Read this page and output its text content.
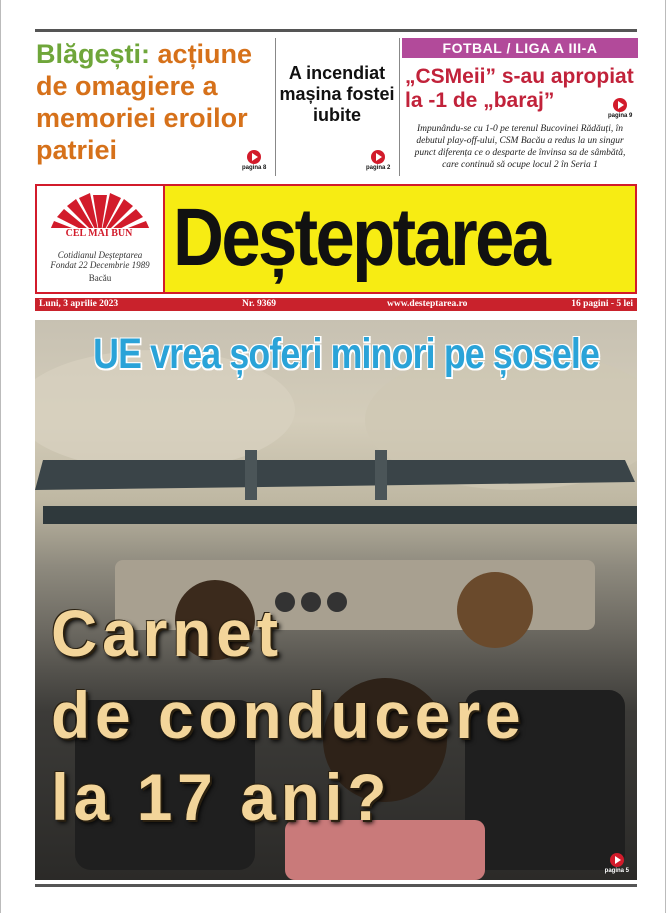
Blăgești: acțiune de omagiere a memoriei eroilor patriei
pagina 8
A incendiat mașina fostei iubite
pagina 2
FOTBAL / LIGA A III-A
„CSMeii” s-au apropiat la -1 de „baraj”
Impunându-se cu 1-0 pe terenul Bucovinei Rădăuți, în debutul play-off-ului, CSM Bacău a redus la un singur punct diferența ce o desparte de învinsa sa de sâmbătă, care continuă să ocupe locul 2 în Seria 1
pagina 9
CEL MAI BUN
Cotidianul Deșteptarea
Fondat 22 Decembrie 1989
Bacău Deșteptarea
Luni, 3 aprilie 2023	Nr. 9369	www.desteptarea.ro	16 pagini - 5 lei
UE vrea șoferi minori pe șosele
Carnet
de conducere
la 17 ani?
pagina 5
